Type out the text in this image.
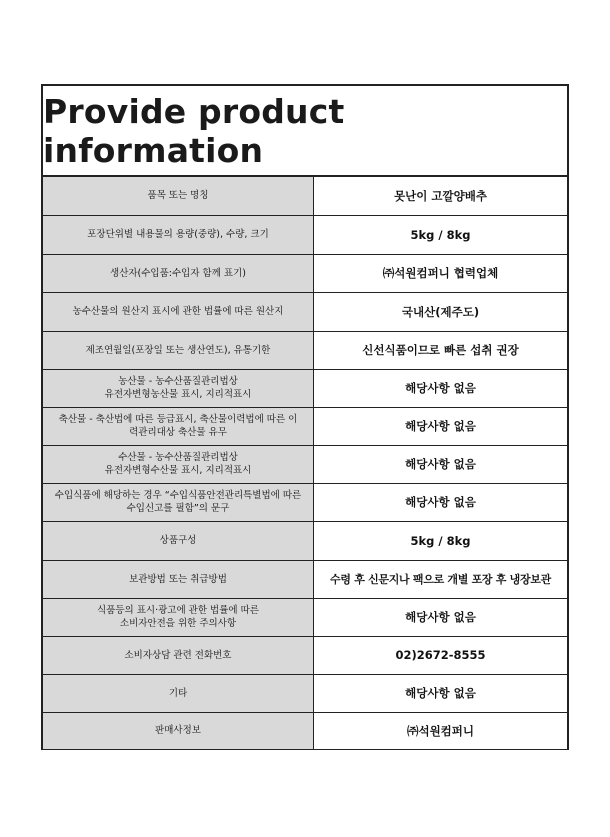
Provide product information
품목 또는 명칭	못난이 고깔양배추

포장단위별 내용물의 용량(중량), 수량, 크기	5kg / 8kg

생산자(수입품:수입자 함께 표기)	㈜석원컴퍼니 협력업체

농수산물의 원산지 표시에 관한 법률에 따른 원산지	국내산(제주도)

제조연월일(포장일 또는 생산연도), 유통기한	신선식품이므로 빠른 섭취 권장

농산물 - 농수산품질관리법상
유전자변형농산물 표시, 지리적표시	해당사항 없음

축산물 - 축산법에 따른 등급표시, 축산물이력법에 따른 이
력관리대상 축산물 유무	해당사항 없음

수산물 - 농수산품질관리법상
유전자변형수산물 표시, 지리적표시	해당사항 없음

수입식품에 해당하는 경우 “수입식품안전관리특별법에 따른
수입신고를 필함”의 문구	해당사항 없음

상품구성	5kg / 8kg

보관방법 또는 취급방법	수령 후 신문지나 팩으로 개별 포장 후 냉장보관

식품등의 표시·광고에 관한 법률에 따른
소비자안전을 위한 주의사항	해당사항 없음

소비자상담 관련 전화번호	02)2672-8555

기타	해당사항 없음

판매사정보	㈜석원컴퍼니
